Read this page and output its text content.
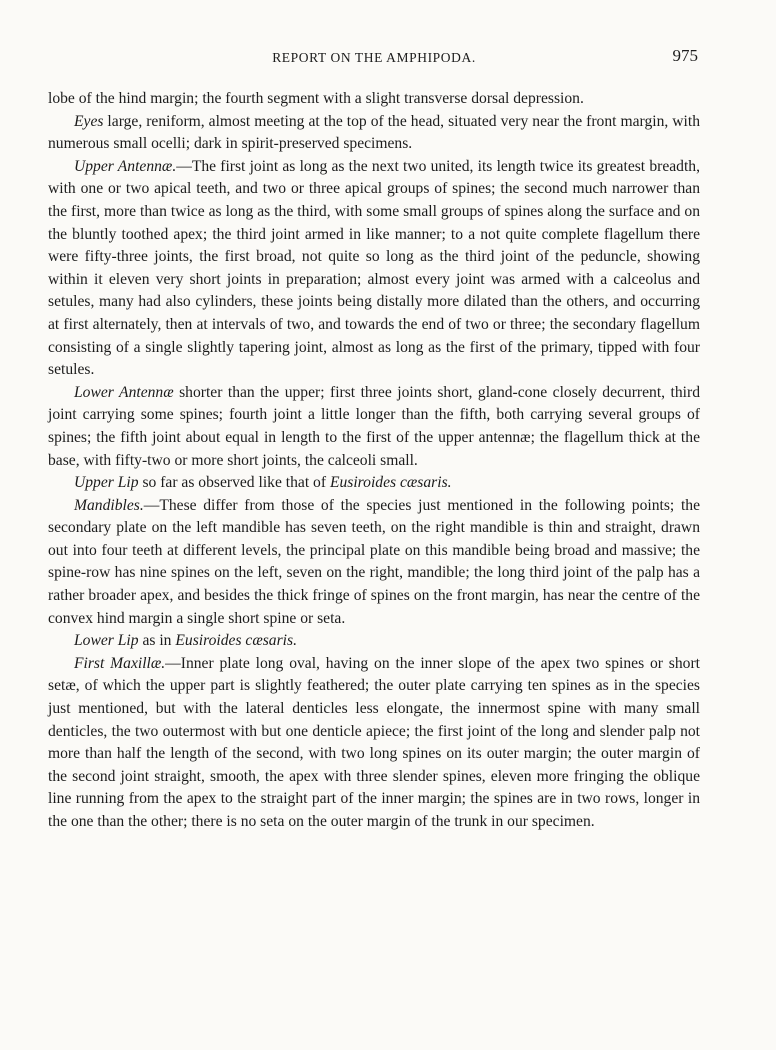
REPORT ON THE AMPHIPODA.	975

lobe of the hind margin; the fourth segment with a slight transverse dorsal depression.

Eyes large, reniform, almost meeting at the top of the head, situated very near the front margin, with numerous small ocelli; dark in spirit-preserved specimens.

Upper Antennæ.—The first joint as long as the next two united, its length twice its greatest breadth, with one or two apical teeth, and two or three apical groups of spines; the second much narrower than the first, more than twice as long as the third, with some small groups of spines along the surface and on the bluntly toothed apex; the third joint armed in like manner; to a not quite complete flagellum there were fifty-three joints, the first broad, not quite so long as the third joint of the peduncle, showing within it eleven very short joints in preparation; almost every joint was armed with a calceolus and setules, many had also cylinders, these joints being distally more dilated than the others, and occurring at first alternately, then at intervals of two, and towards the end of two or three; the secondary flagellum consisting of a single slightly tapering joint, almost as long as the first of the primary, tipped with four setules.

Lower Antennæ shorter than the upper; first three joints short, gland-cone closely decurrent, third joint carrying some spines; fourth joint a little longer than the fifth, both carrying several groups of spines; the fifth joint about equal in length to the first of the upper antennæ; the flagellum thick at the base, with fifty-two or more short joints, the calceoli small.

Upper Lip so far as observed like that of Eusiroides cæsaris.

Mandibles.—These differ from those of the species just mentioned in the following points; the secondary plate on the left mandible has seven teeth, on the right mandible is thin and straight, drawn out into four teeth at different levels, the principal plate on this mandible being broad and massive; the spine-row has nine spines on the left, seven on the right, mandible; the long third joint of the palp has a rather broader apex, and besides the thick fringe of spines on the front margin, has near the centre of the convex hind margin a single short spine or seta.

Lower Lip as in Eusiroides cæsaris.

First Maxillæ.—Inner plate long oval, having on the inner slope of the apex two spines or short setæ, of which the upper part is slightly feathered; the outer plate carrying ten spines as in the species just mentioned, but with the lateral denticles less elongate, the innermost spine with many small denticles, the two outermost with but one denticle apiece; the first joint of the long and slender palp not more than half the length of the second, with two long spines on its outer margin; the outer margin of the second joint straight, smooth, the apex with three slender spines, eleven more fringing the oblique line running from the apex to the straight part of the inner margin; the spines are in two rows, longer in the one than the other; there is no seta on the outer margin of the trunk in our specimen.
